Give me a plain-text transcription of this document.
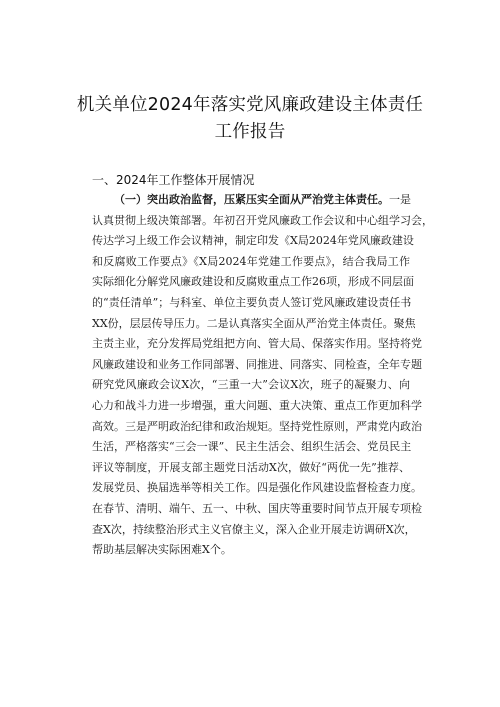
机关单位2024年落实党风廉政建设主体责任
工作报告
一、2024年工作整体开展情况
（一）突出政治监督，压紧压实全面从严治党主体责任。一是
认真贯彻上级决策部署。年初召开党风廉政工作会议和中心组学习会，
传达学习上级工作会议精神，制定印发《X局2024年党风廉政建设
和反腐败工作要点》《X局2024年党建工作要点》，结合我局工作
实际细化分解党风廉政建设和反腐败重点工作26项，形成不同层面
的“责任清单”；与科室、单位主要负责人签订党风廉政建设责任书
XX份，层层传导压力。二是认真落实全面从严治党主体责任。聚焦
主责主业，充分发挥局党组把方向、管大局、保落实作用。坚持将党
风廉政建设和业务工作同部署、同推进、同落实、同检查，全年专题
研究党风廉政会议X次，“三重一大”会议X次，班子的凝聚力、向
心力和战斗力进一步增强，重大问题、重大决策、重点工作更加科学
高效。三是严明政治纪律和政治规矩。坚持党性原则，严肃党内政治
生活，严格落实“三会一课”、民主生活会、组织生活会、党员民主
评议等制度，开展支部主题党日活动X次，做好“两优一先”推荐、
发展党员、换届选举等相关工作。四是强化作风建设监督检查力度。
在春节、清明、端午、五一、中秋、国庆等重要时间节点开展专项检
查X次，持续整治形式主义官僚主义，深入企业开展走访调研X次，
帮助基层解决实际困难X个。
